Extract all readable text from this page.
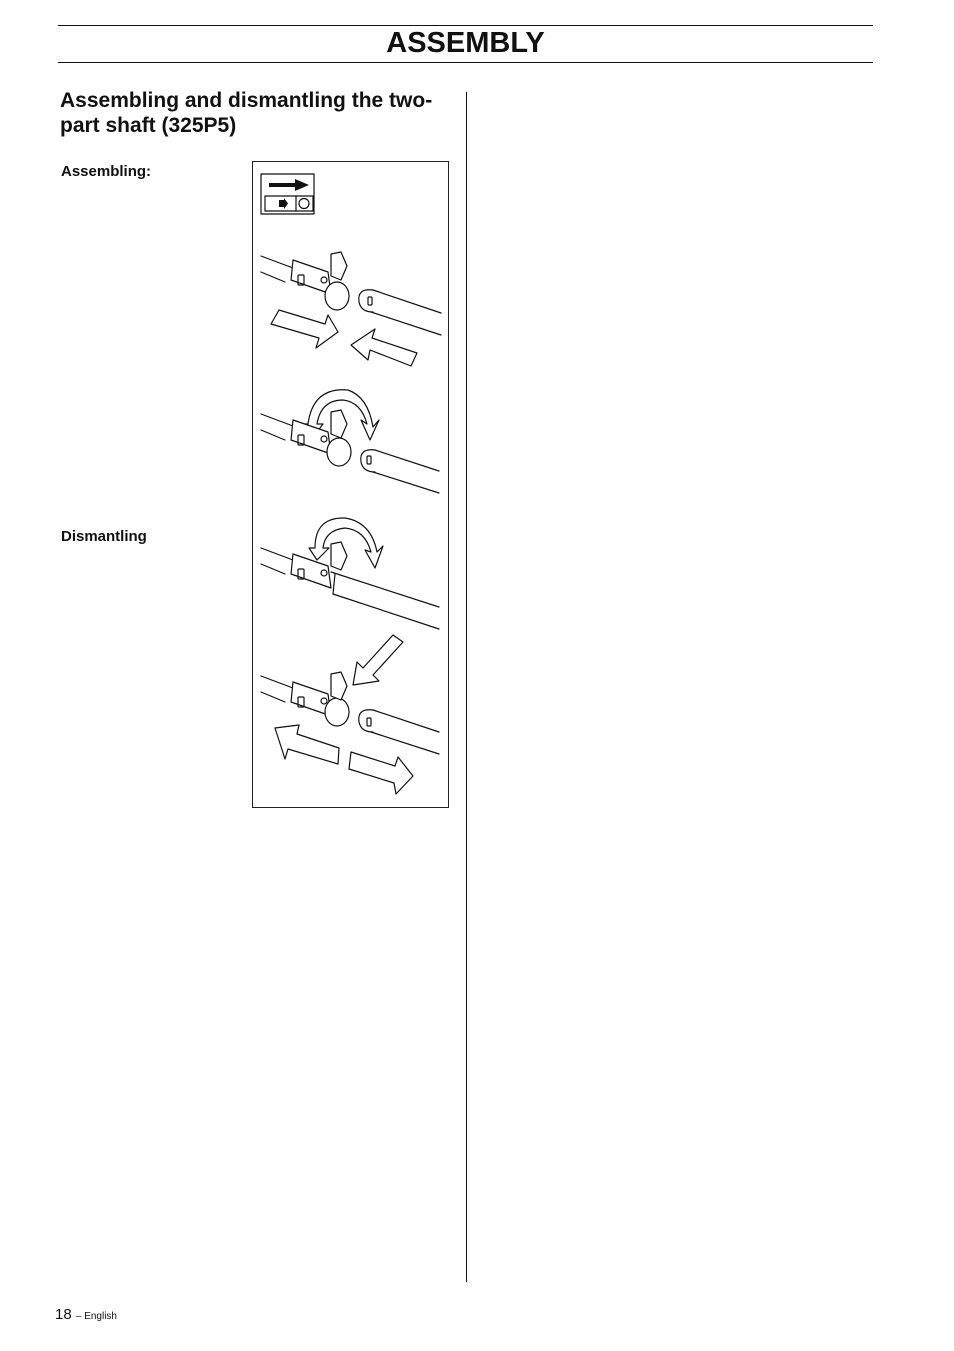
ASSEMBLY
Assembling and dismantling the two-part shaft (325P5)
Assembling:
Dismantling
18 – English
